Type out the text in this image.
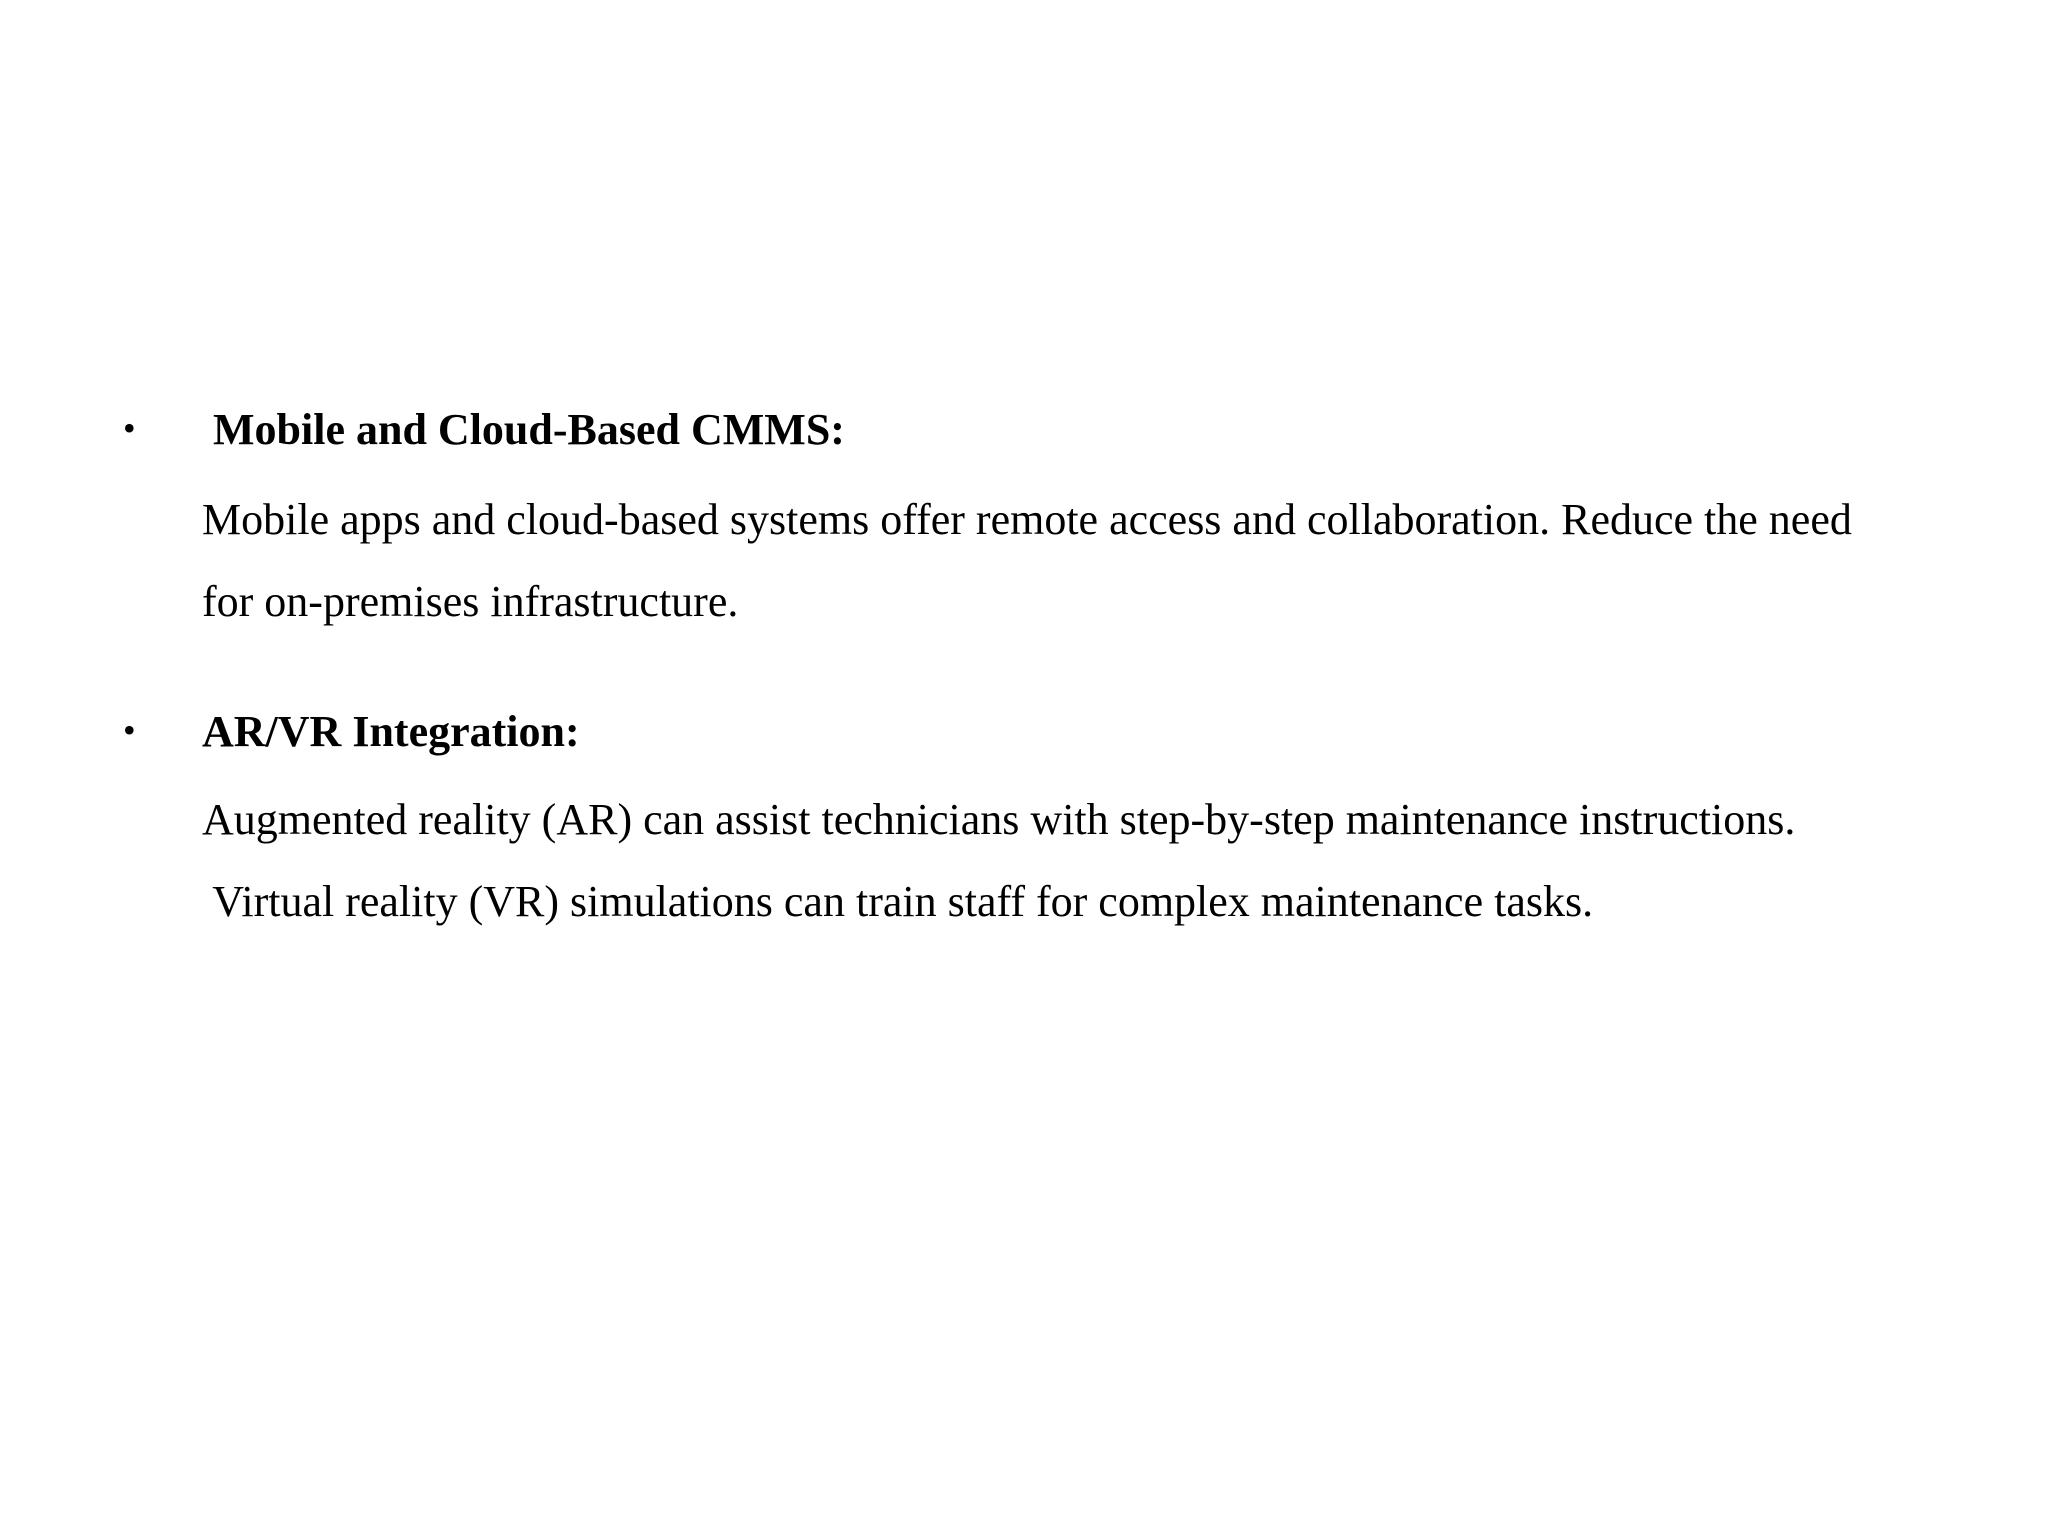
• Mobile and Cloud-Based CMMS:
Mobile apps and cloud-based systems offer remote access and collaboration. Reduce the need
for on-premises infrastructure.
• AR/VR Integration:
Augmented reality (AR) can assist technicians with step-by-step maintenance instructions.
Virtual reality (VR) simulations can train staff for complex maintenance tasks.
